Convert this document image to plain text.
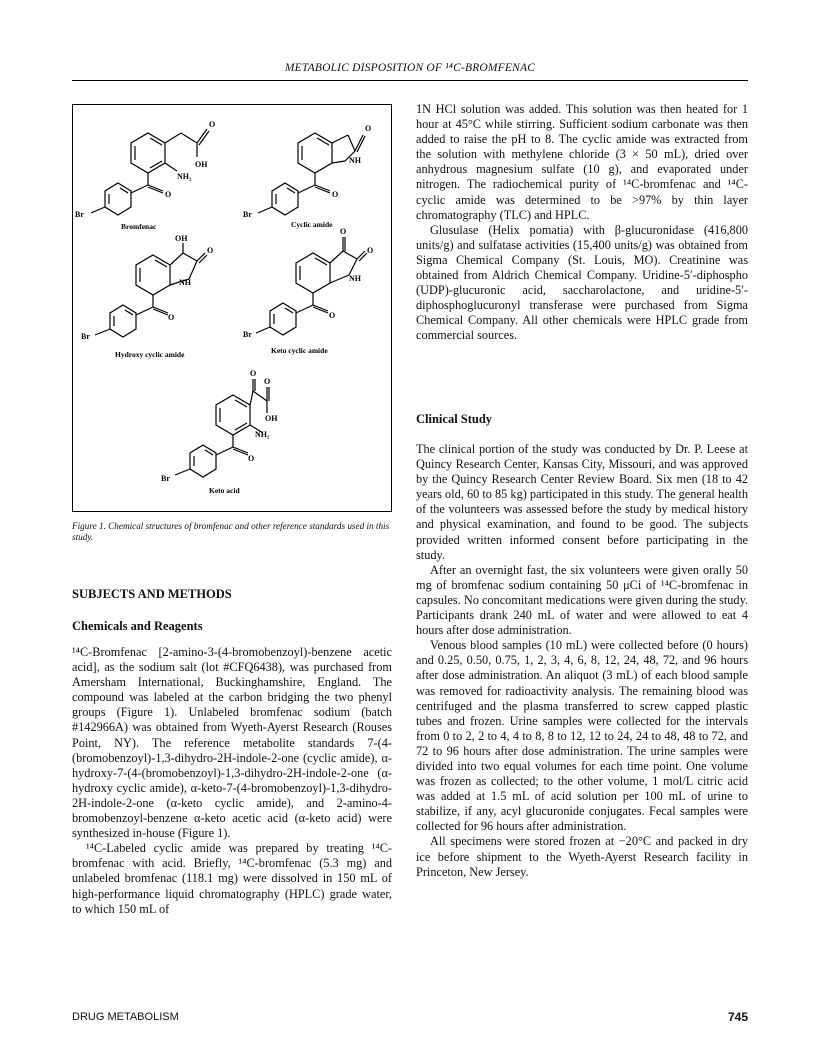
METABOLIC DISPOSITION OF ¹⁴C-BROMFENAC
O
OH
NH₂
O
Br
Bromfenac
O
NH
O
Br
Cyclic amide
OH
O
NH
O
Br
Hydroxy cyclic amide
O
O
NH
O
Br
Keto cyclic amide
O
O
OH
NH₂
O
Br
Keto acid
Figure 1. Chemical structures of bromfenac and other reference standards used in this study.
SUBJECTS AND METHODS
Chemicals and Reagents

¹⁴C-Bromfenac [2-amino-3-(4-bromobenzoyl)-benzene acetic acid], as the sodium salt (lot #CFQ6438), was purchased from Amersham International, Buckinghamshire, England. The compound was labeled at the carbon bridging the two phenyl groups (Figure 1). Unlabeled bromfenac sodium (batch #142966A) was obtained from Wyeth-Ayerst Research (Rouses Point, NY). The reference metabolite standards 7-(4-(bromobenzoyl)-1,3-dihydro-2H-indole-2-one (cyclic amide), α-hydroxy-7-(4-(bromobenzoyl)-1,3-dihydro-2H-indole-2-one (α-hydroxy cyclic amide), α-keto-7-(4-bromobenzoyl)-1,3-dihydro-2H-indole-2-one (α-keto cyclic amide), and 2-amino-4-bromobenzoyl-benzene α-keto acetic acid (α-keto acid) were synthesized in-house (Figure 1).

¹⁴C-Labeled cyclic amide was prepared by treating ¹⁴C-bromfenac with acid. Briefly, ¹⁴C-bromfenac (5.3 mg) and unlabeled bromfenac (118.1 mg) were dissolved in 150 mL of high-performance liquid chromatography (HPLC) grade water, to which 150 mL of

1N HCl solution was added. This solution was then heated for 1 hour at 45°C while stirring. Sufficient sodium carbonate was then added to raise the pH to 8. The cyclic amide was extracted from the solution with methylene chloride (3 × 50 mL), dried over anhydrous magnesium sulfate (10 g), and evaporated under nitrogen. The radiochemical purity of ¹⁴C-bromfenac and ¹⁴C-cyclic amide was determined to be >97% by thin layer chromatography (TLC) and HPLC.

Glusulase (Helix pomatia) with β-glucuronidase (416,800 units/g) and sulfatase activities (15,400 units/g) was obtained from Sigma Chemical Company (St. Louis, MO). Creatinine was obtained from Aldrich Chemical Company. Uridine-5′-diphospho (UDP)-glucuronic acid, saccharolactone, and uridine-5′-diphosphoglucuronyl transferase were purchased from Sigma Chemical Company. All other chemicals were HPLC grade from commercial sources.

Clinical Study

The clinical portion of the study was conducted by Dr. P. Leese at Quincy Research Center, Kansas City, Missouri, and was approved by the Quincy Research Center Review Board. Six men (18 to 42 years old, 60 to 85 kg) participated in this study. The general health of the volunteers was assessed before the study by medical history and physical examination, and found to be good. The subjects provided written informed consent before participating in the study.

After an overnight fast, the six volunteers were given orally 50 mg of bromfenac sodium containing 50 μCi of ¹⁴C-bromfenac in capsules. No concomitant medications were given during the study. Participants drank 240 mL of water and were allowed to eat 4 hours after dose administration.

Venous blood samples (10 mL) were collected before (0 hours) and 0.25, 0.50, 0.75, 1, 2, 3, 4, 6, 8, 12, 24, 48, 72, and 96 hours after dose administration. An aliquot (3 mL) of each blood sample was removed for radioactivity analysis. The remaining blood was centrifuged and the plasma transferred to screw capped plastic tubes and frozen. Urine samples were collected for the intervals from 0 to 2, 2 to 4, 4 to 8, 8 to 12, 12 to 24, 24 to 48, 48 to 72, and 72 to 96 hours after dose administration. The urine samples were divided into two equal volumes for each time point. One volume was frozen as collected; to the other volume, 1 mol/L citric acid was added at 1.5 mL of acid solution per 100 mL of urine to stabilize, if any, acyl glucuronide conjugates. Fecal samples were collected for 96 hours after administration.

All specimens were stored frozen at −20°C and packed in dry ice before shipment to the Wyeth-Ayerst Research facility in Princeton, New Jersey.

DRUG METABOLISM	745
